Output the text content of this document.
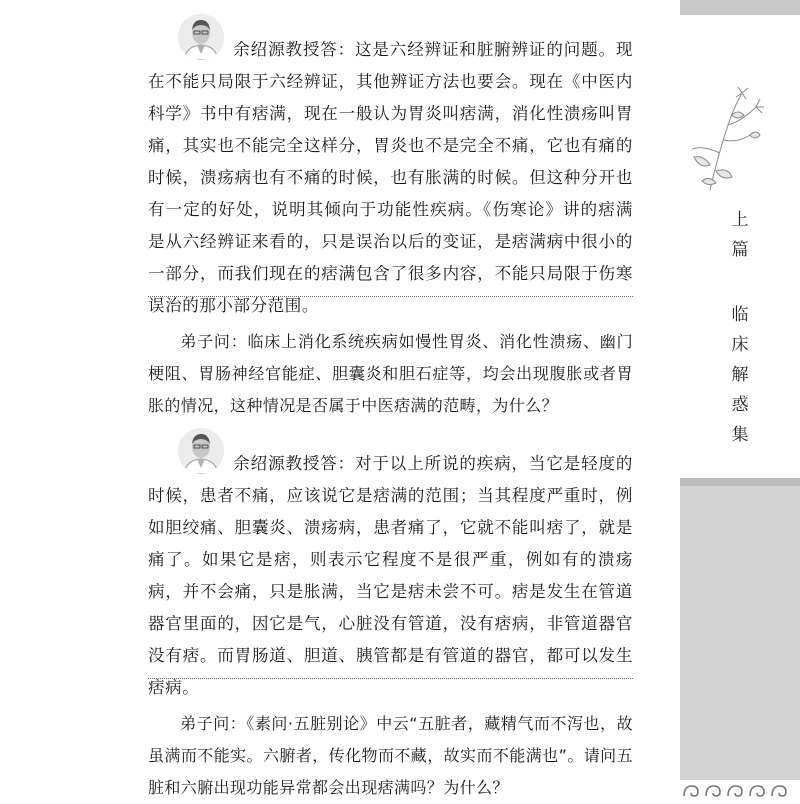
余绍源教授答：这是六经辨证和脏腑辨证的问题。现在不能只局限于六经辨证，其他辨证方法也要会。现在《中医内科学》书中有痞满，现在一般认为胃炎叫痞满，消化性溃疡叫胃痛，其实也不能完全这样分，胃炎也不是完全不痛，它也有痛的时候，溃疡病也有不痛的时候，也有胀满的时候。但这种分开也有一定的好处，说明其倾向于功能性疾病。《伤寒论》讲的痞满是从六经辨证来看的，只是误治以后的变证，是痞满病中很小的一部分，而我们现在的痞满包含了很多内容，不能只局限于伤寒误治的那小部分范围。

弟子问：临床上消化系统疾病如慢性胃炎、消化性溃疡、幽门梗阻、胃肠神经官能症、胆囊炎和胆石症等，均会出现腹胀或者胃胀的情况，这种情况是否属于中医痞满的范畴，为什么？

余绍源教授答：对于以上所说的疾病，当它是轻度的时候，患者不痛，应该说它是痞满的范围；当其程度严重时，例如胆绞痛、胆囊炎、溃疡病，患者痛了，它就不能叫痞了，就是痛了。如果它是痞，则表示它程度不是很严重，例如有的溃疡病，并不会痛，只是胀满，当它是痞未尝不可。痞是发生在管道器官里面的，因它是气，心脏没有管道，没有痞病，非管道器官没有痞。而胃肠道、胆道、胰管都是有管道的器官，都可以发生痞病。

弟子问：《素问·五脏别论》中云“五脏者，藏精气而不泻也，故虽满而不能实。六腑者，传化物而不藏，故实而不能满也”。请问五脏和六腑出现功能异常都会出现痞满吗？为什么？

上
篇
临
床
解
惑
集
